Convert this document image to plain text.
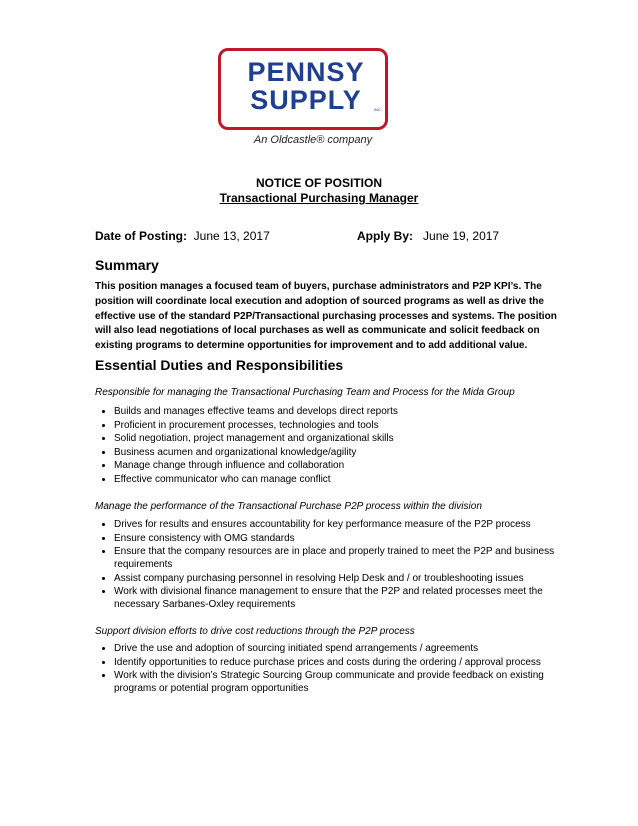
PENNSY
SUPPLY	INC.
An Oldcastle® company
NOTICE OF POSITION
Transactional Purchasing Manager
Date of Posting: June 13, 2017	Apply By: June 19, 2017
Summary
This position manages a focused team of buyers, purchase administrators and P2P KPI’s. The position will coordinate local execution and adoption of sourced programs as well as drive the effective use of the standard P2P/Transactional purchasing processes and systems. The position will also lead negotiations of local purchases as well as communicate and solicit feedback on existing programs to determine opportunities for improvement and to add additional value.
Essential Duties and Responsibilities
Responsible for managing the Transactional Purchasing Team and Process for the Mida Group
• Builds and manages effective teams and develops direct reports
• Proficient in procurement processes, technologies and tools
• Solid negotiation, project management and organizational skills
• Business acumen and organizational knowledge/agility
• Manage change through influence and collaboration
• Effective communicator who can manage conflict
Manage the performance of the Transactional Purchase P2P process within the division
• Drives for results and ensures accountability for key performance measure of the P2P process
• Ensure consistency with OMG standards
• Ensure that the company resources are in place and properly trained to meet the P2P and business requirements
• Assist company purchasing personnel in resolving Help Desk and / or troubleshooting issues
• Work with divisional finance management to ensure that the P2P and related processes meet the necessary Sarbanes-Oxley requirements
Support division efforts to drive cost reductions through the P2P process
• Drive the use and adoption of sourcing initiated spend arrangements / agreements
• Identify opportunities to reduce purchase prices and costs during the ordering / approval process
• Work with the division’s Strategic Sourcing Group communicate and provide feedback on existing programs or potential program opportunities
